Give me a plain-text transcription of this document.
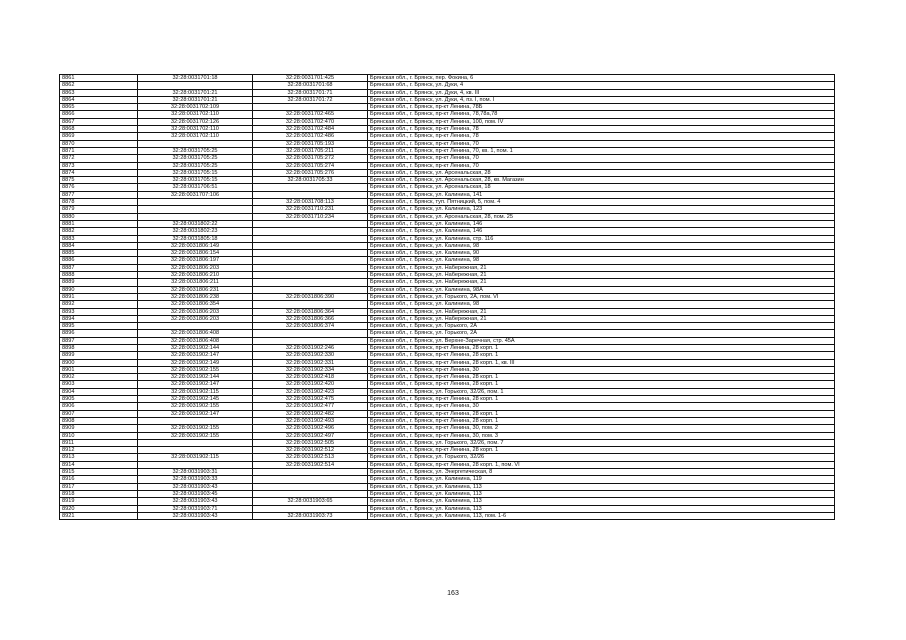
8861	32:28:0031701:18	32:28:0031701:425	Брянская обл., г. Брянск, пер. Фокина, 6
8862		32:28:0031701:68	Брянская обл., г. Брянск, ул. Дуки, 4
8863	32:28:0031701:21	32:28:0031701:71	Брянская обл., г. Брянск, ул. Дуки, 4, кв. III
8864	32:28:0031701:21	32:28:0031701:72	Брянская обл., г. Брянск, ул. Дуки, 4, пз. I, пом. I
8865	32:28:0031702:109		Брянская обл., г. Брянск, пр-кт Ленина, 78Б
8866	32:28:0031702:110	32:28:0031702:465	Брянская обл., г. Брянск, пр-кт Ленина, 78,78а,78
8867	32:28:0031702:126	32:28:0031702:470	Брянская обл., г. Брянск, пр-кт Ленина, 100, пом. IV
8868	32:28:0031702:110	32:28:0031702:484	Брянская обл., г. Брянск, пр-кт Ленина, 78
8869	32:28:0031702:110	32:28:0031702:486	Брянская обл., г. Брянск, пр-кт Ленина, 78
8870		32:28:0031705:193	Брянская обл., г. Брянск, пр-кт Ленина, 70
8871	32:28:0031705:25	32:28:0031705:211	Брянская обл., г. Брянск, пр-кт Ленина, 70, кв. 1, пом. 1
8872	32:28:0031705:25	32:28:0031705:272	Брянская обл., г. Брянск, пр-кт Ленина, 70
8873	32:28:0031705:25	32:28:0031705:274	Брянская обл., г. Брянск, пр-кт Ленина, 70
8874	32:28:0031705:15	32:28:0031705:276	Брянская обл., г. Брянск, ул. Арсенальская, 28
8875	32:28:0031705:15	32:28:0031705:33	Брянская обл., г. Брянск, ул. Арсенальская, 28, кв. Магазин
8876	32:28:0031706:51		Брянская обл., г. Брянск, ул. Арсенальская, 18
8877	32:28:0031707:106		Брянская обл., г. Брянск, ул. Калинина, 141
8878		32:28:0031708:113	Брянская обл., г. Брянск, туп. Пятницкий, 5, пом. 4
8879		32:28:0031710:231	Брянская обл., г. Брянск, ул. Калинина, 123
8880		32:28:0031710:234	Брянская обл., г. Брянск, ул. Арсенальская, 28, пом. 25
8881	32:28:0031802:22		Брянская обл., г. Брянск, ул. Калинина, 146
8882	32:28:0031802:23		Брянская обл., г. Брянск, ул. Калинина, 146
8883	32:28:0031805:18		Брянская обл., г. Брянск, ул. Калинина, стр. 116
8884	32:28:0031806:149		Брянская обл., г. Брянск, ул. Калинина, 98
8885	32:28:0031806:154		Брянская обл., г. Брянск, ул. Калинина, 90
8886	32:28:0031806:197		Брянская обл., г. Брянск, ул. Калинина, 98
8887	32:28:0031806:203		Брянская обл., г. Брянск, ул. Набережная, 21
8888	32:28:0031806:210		Брянская обл., г. Брянск, ул. Набережная, 21
8889	32:28:0031806:211		Брянская обл., г. Брянск, ул. Набережная, 21
8890	32:28:0031806:231		Брянская обл., г. Брянск, ул. Калинина, 98А
8891	32:28:0031806:238	32:28:0031806:390	Брянская обл., г. Брянск, ул. Горького, 2А, пом. VI
8892	32:28:0031806:354		Брянская обл., г. Брянск, ул. Калинина, 98
8893	32:28:0031806:203	32:28:0031806:364	Брянская обл., г. Брянск, ул. Набережная, 21
8894	32:28:0031806:203	32:28:0031806:366	Брянская обл., г. Брянск, ул. Набережная, 21
8895		32:28:0031806:374	Брянская обл., г. Брянск, ул. Горького, 2А
8896	32:28:0031806:408		Брянская обл., г. Брянск, ул. Горького, 2А
8897	32:28:0031806:408		Брянская обл., г. Брянск, ул. Верхне-Заречная, стр. 45А
8898	32:28:0031902:144	32:28:0031902:246	Брянская обл., г. Брянск, пр-кт Ленина, 28 корп. 1
8899	32:28:0031902:147	32:28:0031902:330	Брянская обл., г. Брянск, пр-кт Ленина, 28 корп. 1
8900	32:28:0031902:149	32:28:0031902:331	Брянская обл., г. Брянск, пр-кт Ленина, 28 корп. 1, кв. III
8901	32:28:0031902:155	32:28:0031902:334	Брянская обл., г. Брянск, пр-кт Ленина, 30
8902	32:28:0031902:144	32:28:0031902:418	Брянская обл., г. Брянск, пр-кт Ленина, 28 корп. 1
8903	32:28:0031902:147	32:28:0031902:420	Брянская обл., г. Брянск, пр-кт Ленина, 28 корп. 1
8904	32:28:0031902:115	32:28:0031902:423	Брянская обл., г. Брянск, ул. Горького, 32/26, пом. 1
8905	32:28:0031902:145	32:28:0031902:475	Брянская обл., г. Брянск, пр-кт Ленина, 28 корп. 1
8906	32:28:0031902:155	32:28:0031902:477	Брянская обл., г. Брянск, пр-кт Ленина, 30
8907	32:28:0031902:147	32:28:0031902:482	Брянская обл., г. Брянск, пр-кт Ленина, 28 корп. 1
8908		32:28:0031902:493	Брянская обл., г. Брянск, пр-кт Ленина, 28 корп. 1
8909	32:28:0031902:155	32:28:0031902:496	Брянская обл., г. Брянск, пр-кт Ленина, 30, пом. 2
8910	32:28:0031902:155	32:28:0031902:497	Брянская обл., г. Брянск, пр-кт Ленина, 30, пом. 3
8911		32:28:0031902:505	Брянская обл., г. Брянск, ул. Горького, 32/26, пом. 7
8912		32:28:0031902:512	Брянская обл., г. Брянск, пр-кт Ленина, 28 корп. 1
8913	32:28:0031902:115	32:28:0031902:513	Брянская обл., г. Брянск, ул. Горького, 32/26
8914		32:28:0031902:514	Брянская обл., г. Брянск, пр-кт Ленина, 28 корп. 1, пом. VI
8915	32:28:0031903:31		Брянская обл., г. Брянск, ул. Энергетическая, 8
8916	32:28:0031903:33		Брянская обл., г. Брянск, ул. Калинина, 119
8917	32:28:0031903:43		Брянская обл., г. Брянск, ул. Калинина, 113
8918	32:28:0031903:45		Брянская обл., г. Брянск, ул. Калинина, 113
8919	32:28:0031903:43	32:28:0031903:65	Брянская обл., г. Брянск, ул. Калинина, 113
8920	32:28:0031903:71		Брянская обл., г. Брянск, ул. Калинина, 113
8921	32:28:0031903:43	32:28:0031903:73	Брянская обл., г. Брянск, ул. Калинина, 113, пом. 1-6
163
